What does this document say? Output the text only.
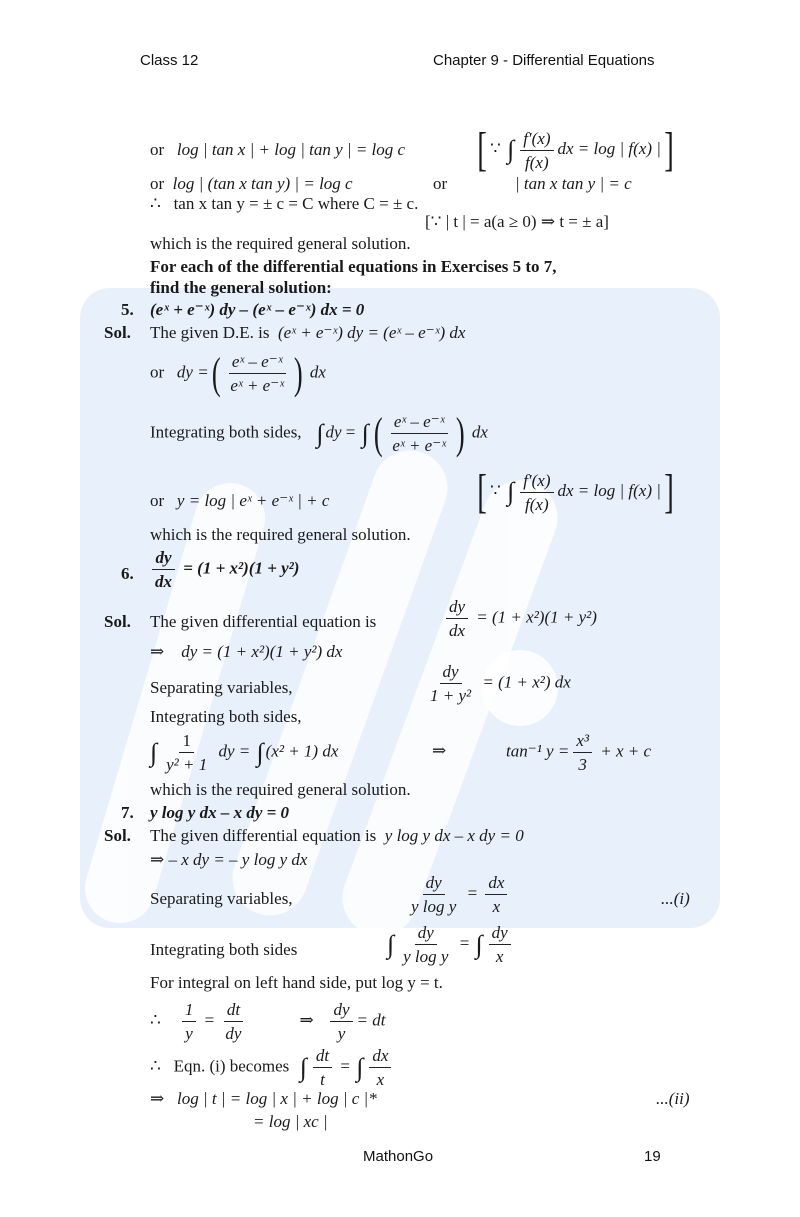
Class 12	Chapter 9 - Differential Equations
or log | tan x | + log | tan y | = log c [ ∵ ∫ $\frac{f'(x)}{f(x)}$ dx = log | f(x) |]
or log | (tan x tan y) | = log c	or	| tan x tan y | = c
∴ tan x tan y = ± c = C where C = ± c.
[∵ | t | = a(a ≥ 0) ⇒ t = ± a]
which is the required general solution.
For each of the differential equations in Exercises 5 to 7,
find the general solution:
5. (eˣ + e⁻ˣ) dy – (eˣ – e⁻ˣ) dx = 0
Sol. The given D.E. is (eˣ + e⁻ˣ) dy = (eˣ – e⁻ˣ) dx
or dy =( $\frac{\text{eˣ – e⁻ˣ}}{\text{eˣ + e⁻ˣ}}$ ) dx
Integrating both sides, ∫ dy = ∫ ( $\frac{\text{eˣ – e⁻ˣ}}{\text{eˣ + e⁻ˣ}}$ ) dx
or y = log | eˣ + e⁻ˣ | + c	[ ∵ ∫ $\frac{f'(x)}{f(x)}$ dx = log | f(x) |]
which is the required general solution.
6. $\frac{dy}{dx} = (1 + x^2)(1 + y^2)$
Sol. The given differential equation is	$\frac{dy}{dx} = (1 + x^2)(1 + y^2)$
⇒ dy = (1 + x²)(1 + y²) dx
Separating variables,	$\frac{dy}{\text{1 + y²}} = (1 + x^2)$ dx
Integrating both sides,
∫ $\frac{1}{\text{y² + 1}}$ dy = ∫ (x² + 1) dx	⇒	tan⁻¹ $y = \frac{\text{x³}}{3} + x + c$
which is the required general solution.
7. y log y dx – x dy = 0
Sol. The given differential equation is y log y dx – x dy = 0
⇒ – x dy = – y log y dx
Separating variables,	$\frac{dy}{\text{y log y}} = \frac{dx}{x}$	...(i)
Integrating both sides	∫ $\frac{dy}{\text{y log y}}$ = ∫ $\frac{dy}{x}$
For integral on left hand side, put log y = t.
∴ $\frac{1}{y} = \frac{dt}{dy}$	⇒ $\frac{dy}{y}$ = dt
∴ Eqn. (i) becomes ∫ $\frac{dt}{t}$ = ∫ $\frac{dx}{x}$
⇒ log | t | = log | x | + log | c |*	...(ii)
= log | xc |
MathonGo	19
